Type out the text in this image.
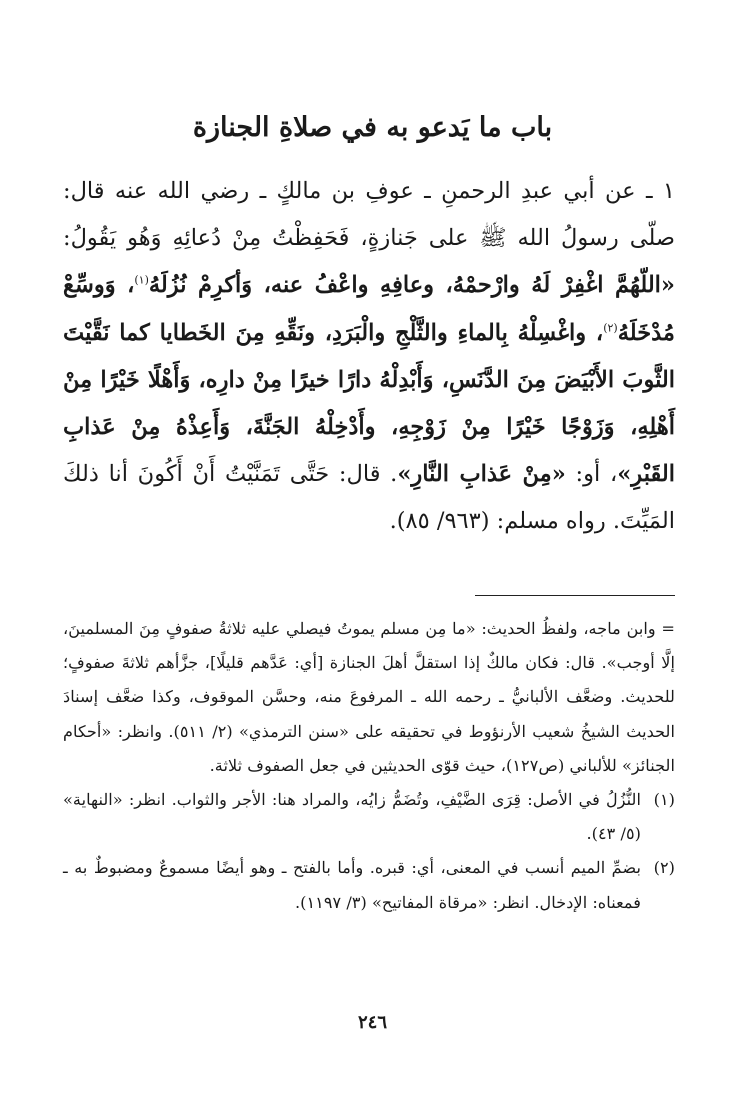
باب ما يَدعو به في صلاةِ الجنازة

١ ـ عن أبي عبدِ الرحمنِ ـ عوفِ بن مالكٍ ـ رضي الله عنه قال: صلّى رسولُ الله ﷺ على جَنازةٍ، فَحَفِظْتُ مِنْ دُعائِهِ وَهُو يَقُولُ: «اللّهُمَّ اغْفِرْ لَهُ وارْحمْهُ، وعافِهِ واعْفُ عنه، وَأكرِمْ نُزُلَهُ$^{(١)}$، وَوسِّعْ مُدْخَلَهُ$^{(٢)}$، واغْسِلْهُ بِالماءِ والثَّلْجِ والْبَرَدِ، ونَقِّهِ مِنَ الخَطايا كما نَقَّيْتَ الثَّوبَ الأَبْيَضَ مِنَ الدَّنَسِ، وَأَبْدِلْهُ دارًا خيرًا مِنْ دارِه، وَأَهْلًا خَيْرًا مِنْ أَهْلِهِ، وَزَوْجًا خَيْرًا مِنْ زَوْجِهِ، وأَدْخِلْهُ الجَنَّةَ، وَأَعِذْهُ مِنْ عَذابِ القَبْرِ»، أو: «مِنْ عَذابِ النَّارِ». قال: حَتَّى تَمَنَّيْتُ أَنْ أَكُونَ أنا ذلكَ المَيِّتَ. رواه مسلم: (٩٦٣/ ٨٥).

= وابن ماجه، ولفظُ الحديث: «ما مِن مسلم يموتُ فيصلي عليه ثلاثةُ صفوفٍ مِنَ المسلمينَ، إلَّا أوجب». قال: فكان مالكٌ إذا استقلَّ أهلَ الجنازة [أي: عَدَّهم قليلًا]، جزَّأهم ثلاثةَ صفوفٍ؛ للحديث. وضعَّف الألبانيُّ ـ رحمه الله ـ المرفوعَ منه، وحسَّن الموقوف، وكذا ضعَّف إسنادَ الحديث الشيخُ شعيب الأرنؤوط في تحقيقه على «سنن الترمذي» (٢/ ٥١١). وانظر: «أحكام الجنائز» للألباني (ص١٢٧)، حيث قوّى الحديثين في جعل الصفوف ثلاثة.

(١)
النُّزُلُ في الأصل: قِرَى الضَّيْفِ، وتُضَمُّ زايُه، والمراد هنا: الأجر والثواب. انظر: «النهاية» (٥/ ٤٣).
(٢)
بضمِّ الميم أنسب في المعنى، أي: قبره. وأما بالفتح ـ وهو أيضًا مسموعٌ ومضبوطٌ به ـ فمعناه: الإدخال. انظر: «مرقاة المفاتيح» (٣/ ١١٩٧).
٢٤٦
